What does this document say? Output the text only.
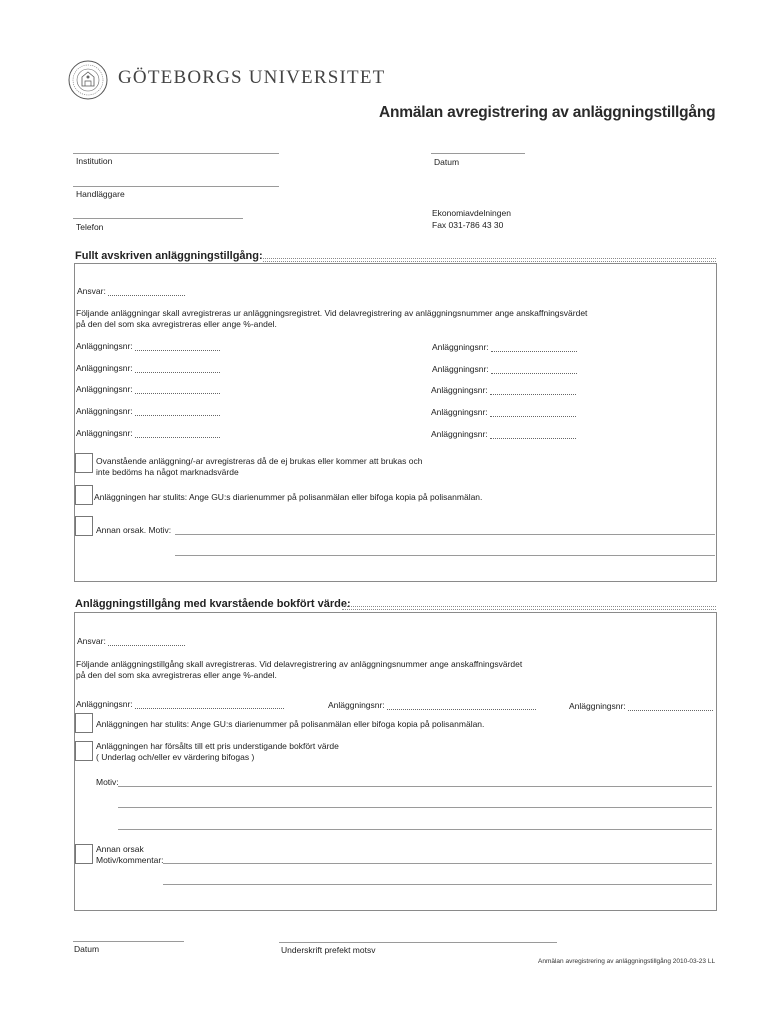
GÖTEBORGS UNIVERSITET
Anmälan avregistrering av anläggningstillgång
Institution	Datum
Handläggare
Ekonomiavdelningen
Fax 031-786 43 30
Telefon
Fullt avskriven anläggningstillgång:
Ansvar:
Följande anläggningar skall avregistreras ur anläggningsregistret. Vid delavregistrering av anläggningsnummer ange anskaffningsvärdet
på den del som ska avregistreras eller ange %-andel.
Anläggningsnr:	Anläggningsnr:
Anläggningsnr:	Anläggningsnr:
Anläggningsnr:	Anläggningsnr:
Anläggningsnr:	Anläggningsnr:
Anläggningsnr:	Anläggningsnr:
Ovanstående anläggning/-ar avregistreras då de ej brukas eller kommer att brukas och
inte bedöms ha något marknadsvärde
Anläggningen har stulits: Ange GU:s diarienummer på polisanmälan eller bifoga kopia på polisanmälan.
Annan orsak. Motiv:
Anläggningstillgång med kvarstående bokfört värde:
Ansvar:
Följande anläggningstillgång skall avregistreras. Vid delavregistrering av anläggningsnummer ange anskaffningsvärdet
på den del som ska avregistreras eller ange %-andel.
Anläggningsnr:	Anläggningsnr:	Anläggningsnr:
Anläggningen har stulits: Ange GU:s diarienummer på polisanmälan eller bifoga kopia på polisanmälan.
Anläggningen har försålts till ett pris understigande bokfört värde
( Underlag och/eller ev värdering bifogas )
Motiv:
Annan orsak
Motiv/kommentar:
Datum	Underskrift prefekt motsv
Anmälan avregistrering av anläggningstillgång 2010-03-23 LL
